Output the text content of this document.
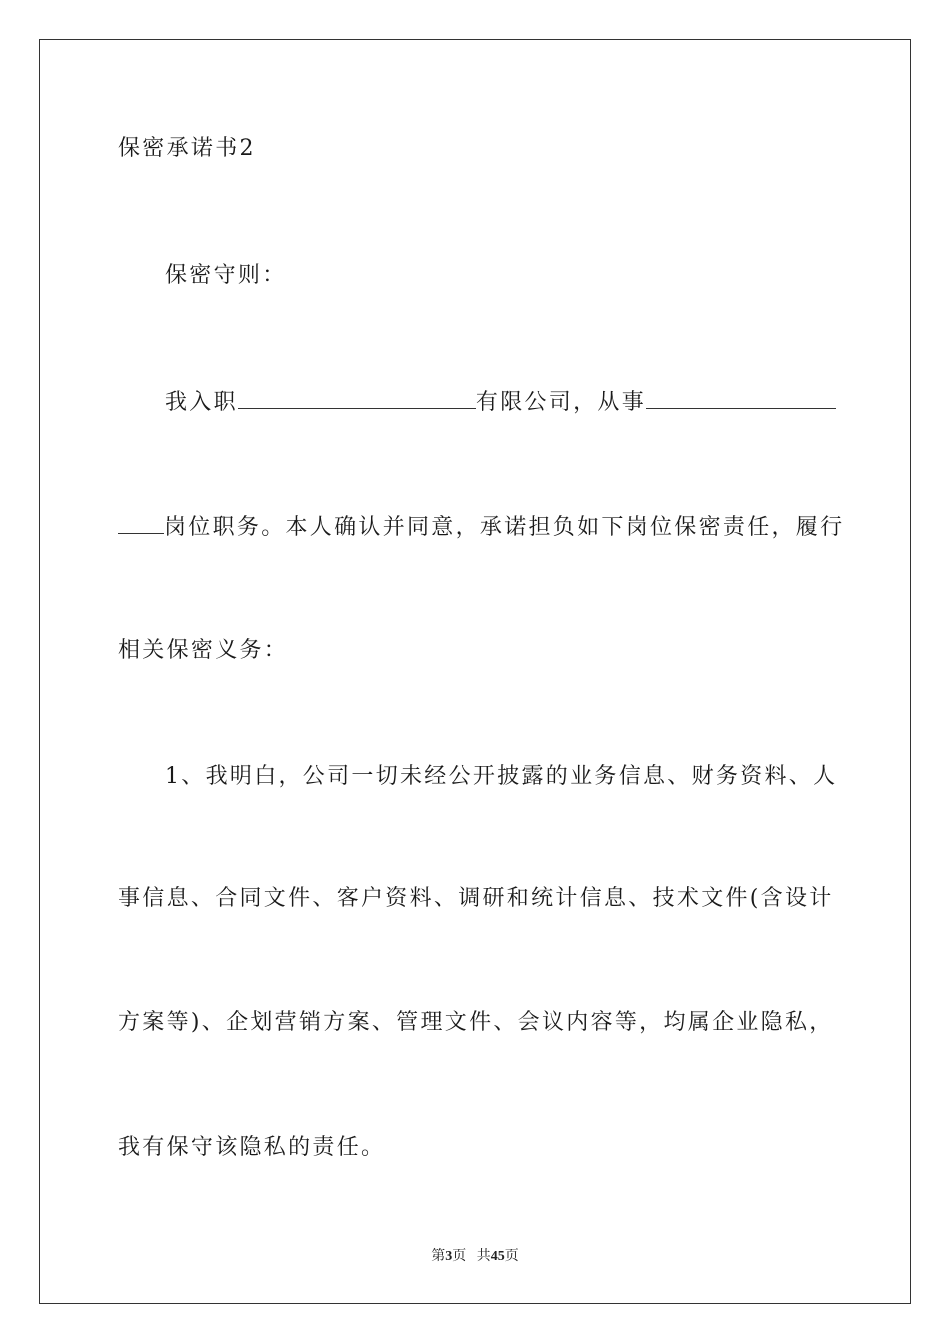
保密承诺书2
保密守则：
我入职	有限公司，从事
岗位职务。本人确认并同意，承诺担负如下岗位保密责任，履行
相关保密义务：
1、我明白，公司一切未经公开披露的业务信息、财务资料、人
事信息、合同文件、客户资料、调研和统计信息、技术文件(含设计
方案等)、企划营销方案、管理文件、会议内容等，均属企业隐私，
我有保守该隐私的责任。
第3页 共45页
